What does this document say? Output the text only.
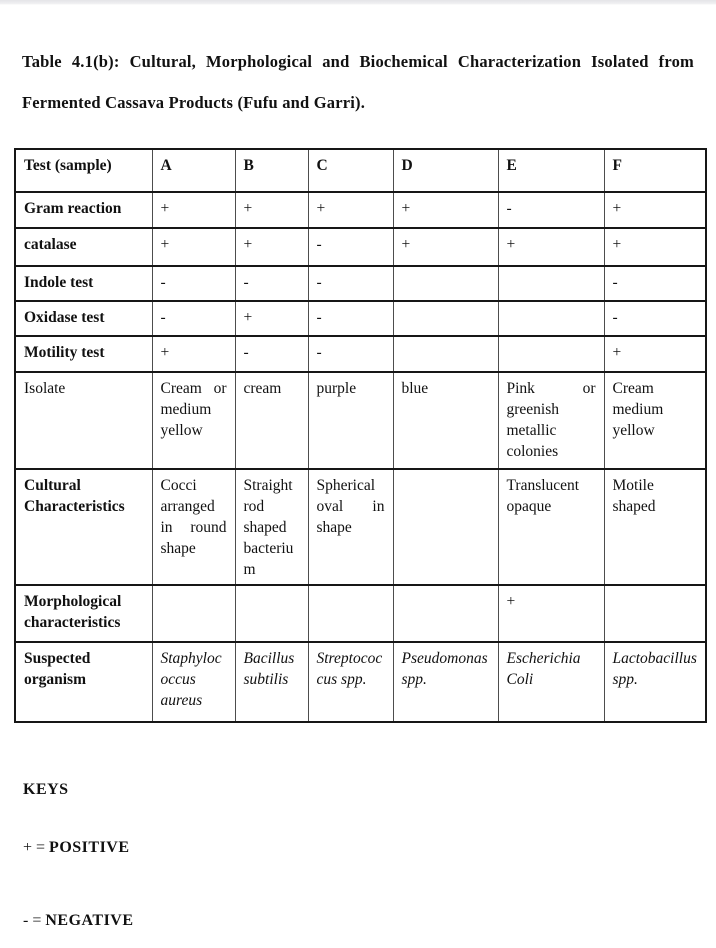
Table 4.1(b): Cultural, Morphological and Biochemical Characterization Isolated from
Fermented Cassava Products (Fufu and Garri).
Test (sample)	A	B	C	D	E	F
Gram reaction	+	+	+	+	-	+
catalase	+	+	-	+	+	+
Indole test	-	-	-			-
Oxidase test	-	+	-			-
Motility test	+	-	-			+
Isolate	Cream or medium yellow	cream	purple	blue	Pink or greenish metallic colonies	Cream medium yellow
Cultural Characteristics	Cocci arranged in round shape	Straight rod shaped bacterium	Spherical oval in shape		Translucent opaque	Motile shaped
Morphological characteristics					+	
Suspected organism	Staphylococcus aureus	Bacillus subtilis	Streptococcus spp.	Pseudomonas spp.	Escherichia Coli	Lactobacillus spp.
KEYS
+ = POSITIVE
- = NEGATIVE
